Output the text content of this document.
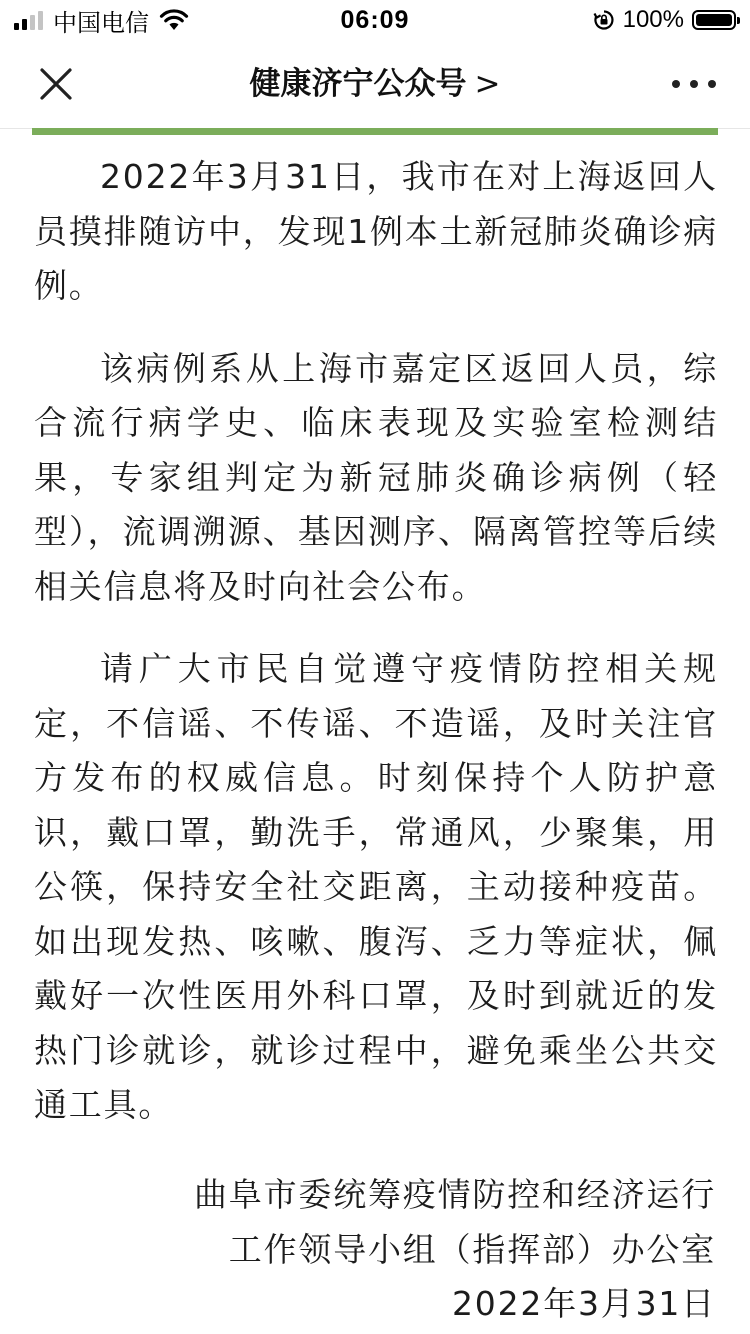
中国电信	06:09	100%
健康济宁公众号 >

2022年3月31日，我市在对上海返回人员摸排随访中，发现1例本土新冠肺炎确诊病例。

该病例系从上海市嘉定区返回人员，综合流行病学史、临床表现及实验室检测结果，专家组判定为新冠肺炎确诊病例（轻型），流调溯源、基因测序、隔离管控等后续相关信息将及时向社会公布。

请广大市民自觉遵守疫情防控相关规定，不信谣、不传谣、不造谣，及时关注官方发布的权威信息。时刻保持个人防护意识，戴口罩，勤洗手，常通风，少聚集，用公筷，保持安全社交距离，主动接种疫苗。如出现发热、咳嗽、腹泻、乏力等症状，佩戴好一次性医用外科口罩，及时到就近的发热门诊就诊，就诊过程中，避免乘坐公共交通工具。

曲阜市委统筹疫情防控和经济运行
工作领导小组（指挥部）办公室
2022年3月31日
